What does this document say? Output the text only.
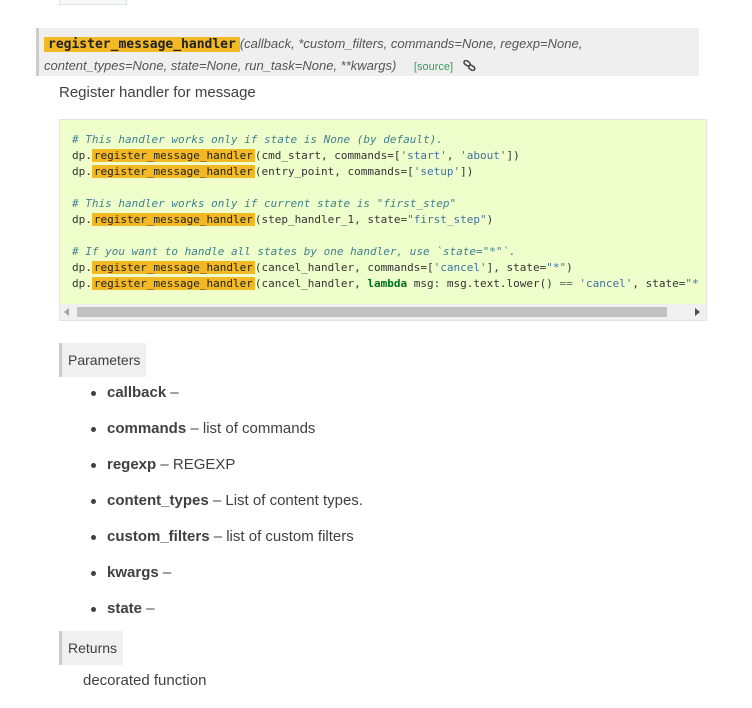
register_message_handler (callback, *custom_filters, commands=None, regexp=None,
content_types=None, state=None, run_task=None, **kwargs) [source]
Register handler for message
# This handler works only if state is None (by default).
dp. register_message_handler (cmd_start, commands=['start', 'about'])
dp. register_message_handler (entry_point, commands=['setup'])

# This handler works only if current state is "first_step"
dp. register_message_handler (step_handler_1, state="first_step")

# If you want to handle all states by one handler, use `state="*"`.
dp. register_message_handler (cancel_handler, commands=['cancel'], state="*")
dp. register_message_handler (cancel_handler, lambda msg: msg.text.lower() == 'cancel', state="*

Parameters
callback –
commands – list of commands
regexp – REGEXP
content_types – List of content types.
custom_filters – list of custom filters
kwargs –
state –
Returns
decorated function
